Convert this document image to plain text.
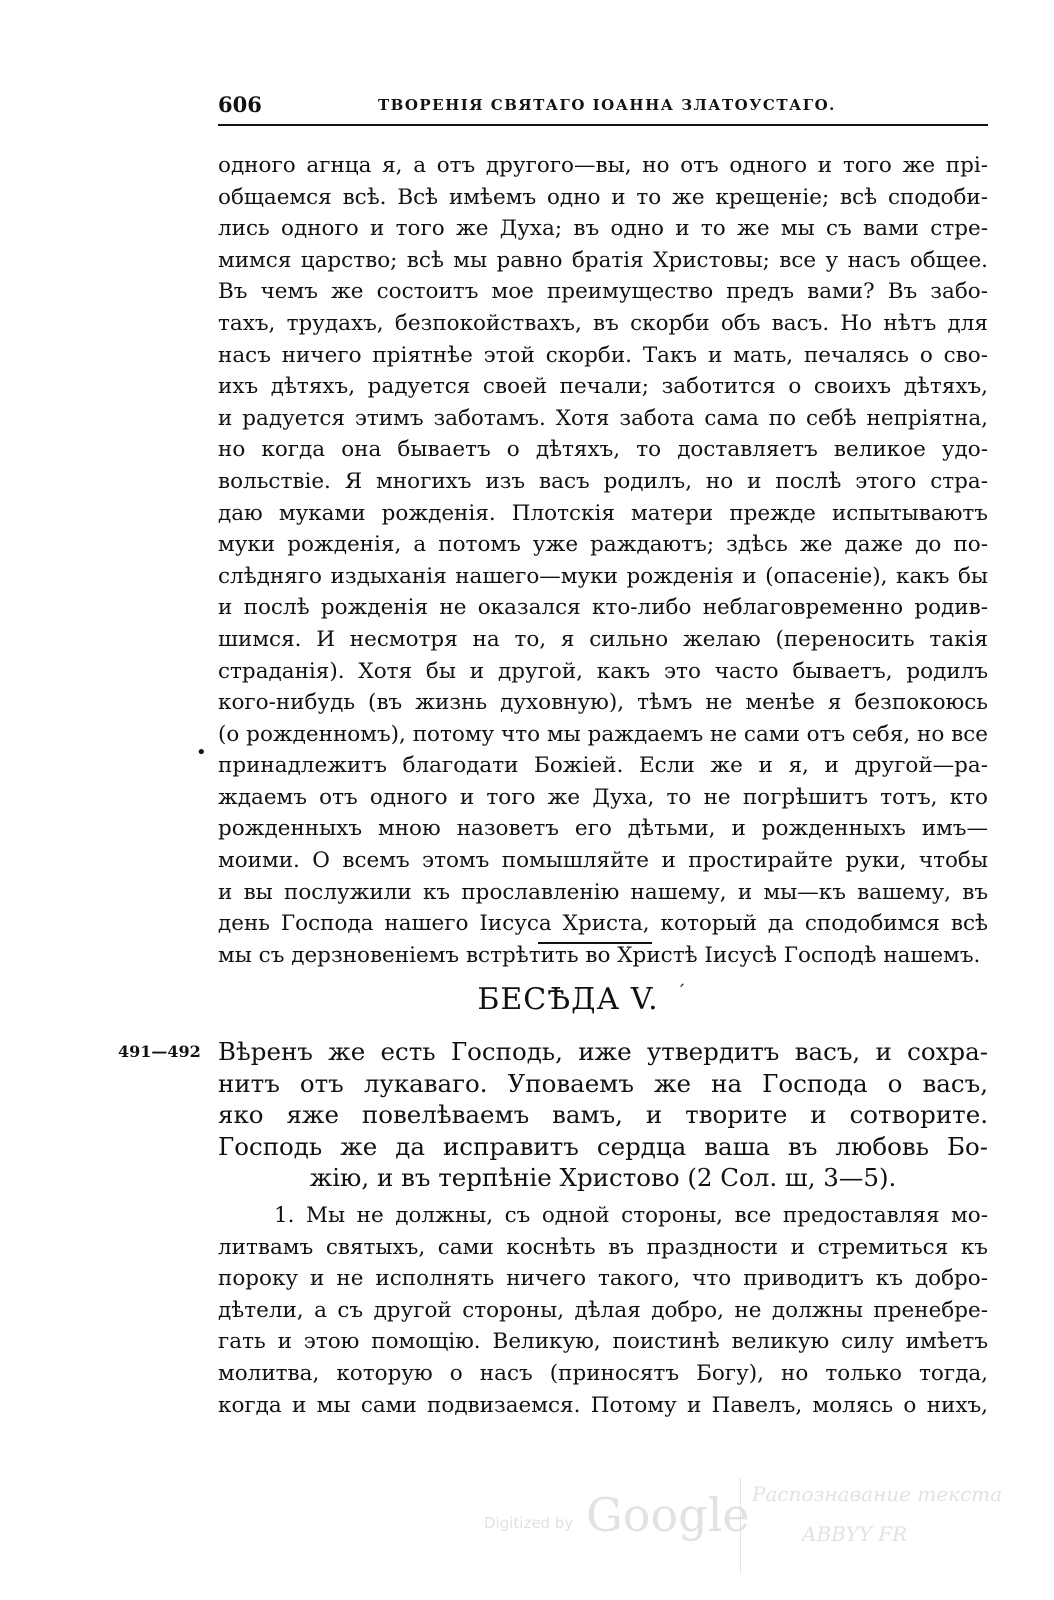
606	ТВОРЕНІЯ СВЯТАГО ІОАННА ЗЛАТОУСТАГО.
одного агнца я, а отъ другого—вы, но отъ одного и того же прі-
общаемся всѣ. Всѣ имѣемъ одно и то же крещеніе; всѣ сподоби-
лись одного и того же Духа; въ одно и то же мы съ вами стре-
мимся царство; всѣ мы равно братія Христовы; все у насъ общее.
Въ чемъ же состоитъ мое преимущество предъ вами? Въ забо-
тахъ, трудахъ, безпокойствахъ, въ скорби объ васъ. Но нѣтъ для
насъ ничего пріятнѣе этой скорби. Такъ и мать, печалясь о сво-
ихъ дѣтяхъ, радуется своей печали; заботится о своихъ дѣтяхъ,
и радуется этимъ заботамъ. Хотя забота сама по себѣ непріятна,
но когда она бываетъ о дѣтяхъ, то доставляетъ великое удо-
вольствіе. Я многихъ изъ васъ родилъ, но и послѣ этого стра-
даю муками рожденія. Плотскія матери прежде испытываютъ
муки рожденія, а потомъ уже раждаютъ; здѣсь же даже до по-
слѣдняго издыханія нашего—муки рожденія и (опасеніе), какъ бы
и послѣ рожденія не оказался кто-либо неблаговременно родив-
шимся. И несмотря на то, я сильно желаю (переносить такія
страданія). Хотя бы и другой, какъ это часто бываетъ, родилъ
кого-нибудь (въ жизнь духовную), тѣмъ не менѣе я безпокоюсь
(о рожденномъ), потому что мы раждаемъ не сами отъ себя, но все
принадлежитъ благодати Божіей. Если же и я, и другой—ра-
ждаемъ отъ одного и того же Духа, то не погрѣшитъ тотъ, кто
рожденныхъ мною назоветъ его дѣтьми, и рожденныхъ имъ—
моими. О всемъ этомъ помышляйте и простирайте руки, чтобы
и вы послужили къ прославленію нашему, и мы—къ вашему, въ
день Господа нашего Іисуса Христа, который да сподобимся всѣ
мы съ дерзновеніемъ встрѣтить во Христѣ Іисусѣ Господѣ нашемъ.
•
БЕСѢДА V. ´
491—492 Вѣренъ же есть Господь, иже утвердитъ васъ, и сохра-
нитъ отъ лукаваго. Уповаемъ же на Господа о васъ,
яко яже повелѣваемъ вамъ, и творите и сотворите.
Господь же да исправитъ сердца ваша въ любовь Бо-
жію, и въ терпѣніе Христово (2 Сол. ш, 3—5).
1. Мы не должны, съ одной стороны, все предоставляя мо-
литвамъ святыхъ, сами коснѣть въ праздности и стремиться къ
пороку и не исполнять ничего такого, что приводитъ къ добро-
дѣтели, а съ другой стороны, дѣлая добро, не должны пренебре-
гать и этою помощію. Великую, поистинѣ великую силу имѣетъ
молитва, которую о насъ (приносятъ Богу), но только тогда,
когда и мы сами подвизаемся. Потому и Павелъ, молясь о нихъ,
Digitized by Google Распознавание текста
ABBYY FR
